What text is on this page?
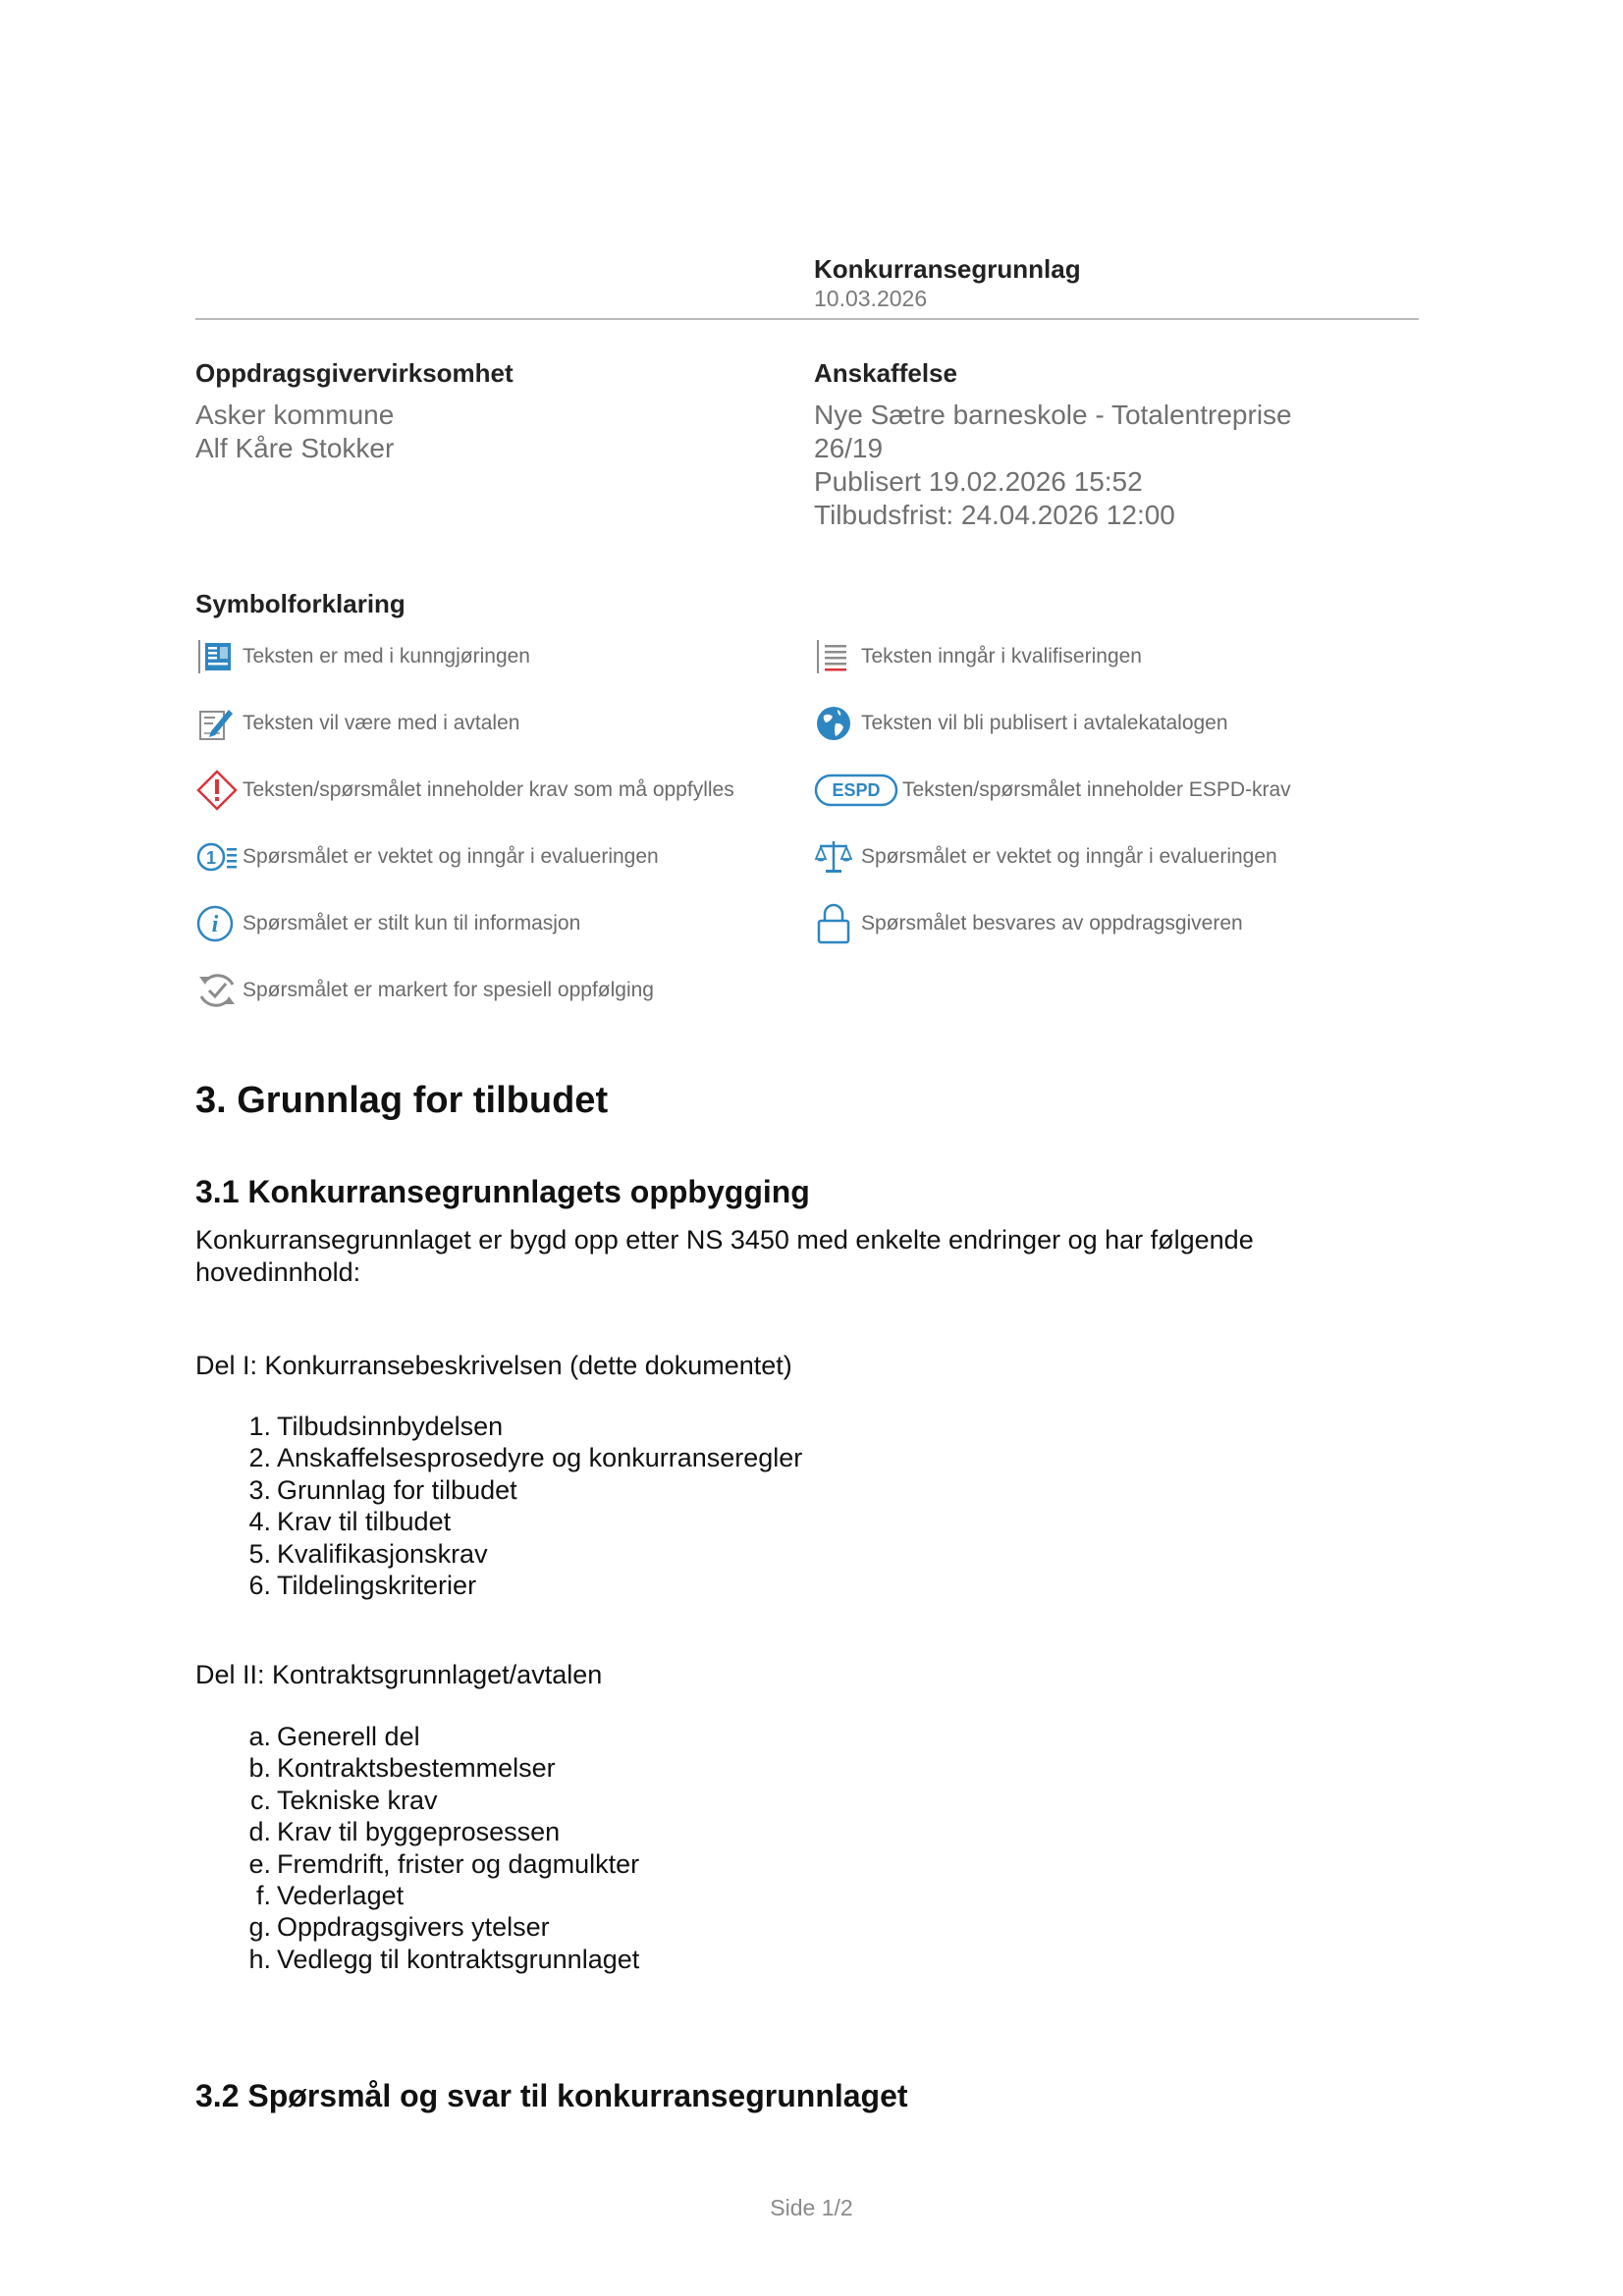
Konkurransegrunnlag
10.03.2026
Oppdragsgivervirksomhet
Asker kommune
Alf Kåre Stokker
Anskaffelse
Nye Sætre barneskole - Totalentreprise
26/19
Publisert 19.02.2026 15:52
Tilbudsfrist: 24.04.2026 12:00
Symbolforklaring
Teksten er med i kunngjøringen	Teksten inngår i kvalifiseringen
Teksten vil være med i avtalen	Teksten vil bli publisert i avtalekatalogen
Teksten/spørsmålet inneholder krav som må oppfylles	ESPD Teksten/spørsmålet inneholder ESPD-krav
1 Spørsmålet er vektet og inngår i evalueringen	Spørsmålet er vektet og inngår i evalueringen
i Spørsmålet er stilt kun til informasjon	Spørsmålet besvares av oppdragsgiveren
Spørsmålet er markert for spesiell oppfølging
3. Grunnlag for tilbudet
3.1 Konkurransegrunnlagets oppbygging
Konkurransegrunnlaget er bygd opp etter NS 3450 med enkelte endringer og har følgende hovedinnhold:
Del I: Konkurransebeskrivelsen (dette dokumentet)
1. Tilbudsinnbydelsen
2. Anskaffelsesprosedyre og konkurranseregler
3. Grunnlag for tilbudet
4. Krav til tilbudet
5. Kvalifikasjonskrav
6. Tildelingskriterier
Del II: Kontraktsgrunnlaget/avtalen
a. Generell del
b. Kontraktsbestemmelser
c. Tekniske krav
d. Krav til byggeprosessen
e. Fremdrift, frister og dagmulkter
f. Vederlaget
g. Oppdragsgivers ytelser
h. Vedlegg til kontraktsgrunnlaget
3.2 Spørsmål og svar til konkurransegrunnlaget
Side 1/2
